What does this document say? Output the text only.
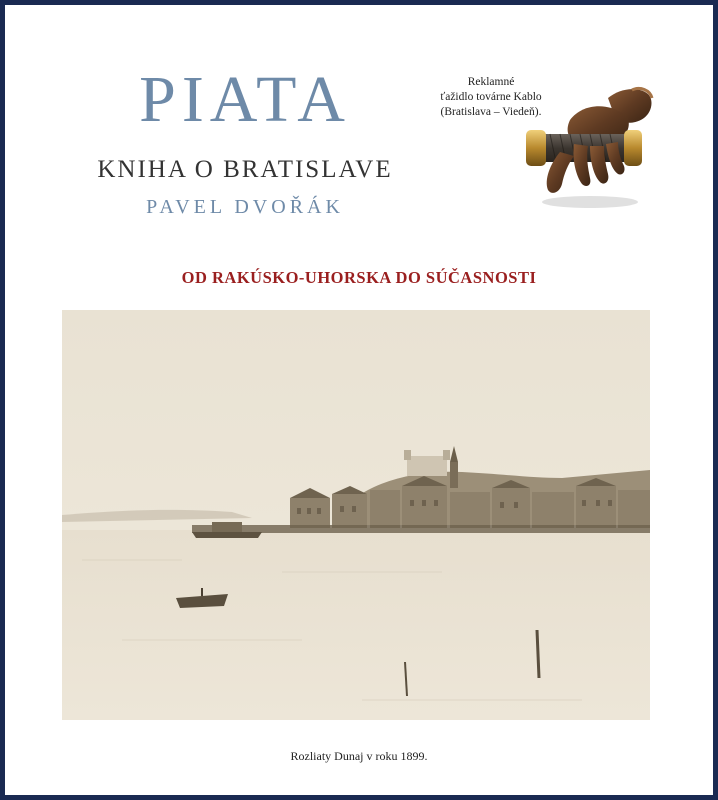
PIATA
KNIHA O BRATISLAVE
PAVEL DVOŘÁK
Reklamné
ťažidlo továrne Kablo
(Bratislava – Viedeň).
OD RAKÚSKO-UHORSKA DO SÚČASNOSTI
Rozliaty Dunaj v roku 1899.
